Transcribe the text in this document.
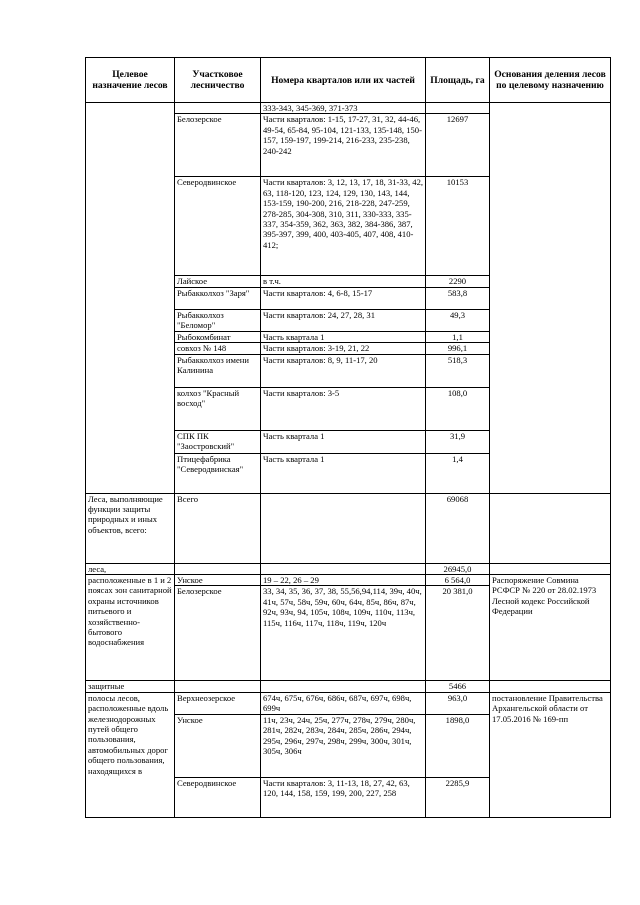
Целевое назначение лесов	Участковое лесничество	Номера кварталов или их частей	Площадь, га	Основания деления лесов по целевому назначению
		333-343, 345-369, 371-373		
	Белозерское	Части кварталов: 1-15, 17-27, 31, 32, 44-46, 49-54, 65-84, 95-104, 121-133, 135-148, 150-157, 159-197, 199-214, 216-233, 235-238, 240-242	12697	
	Северодвинское	Части кварталов: 3, 12, 13, 17, 18, 31-33, 42, 63, 118-120, 123, 124, 129, 130, 143, 144, 153-159, 190-200, 216, 218-228, 247-259, 278-285, 304-308, 310, 311, 330-333, 335-337, 354-359, 362, 363, 382, 384-386, 387, 395-397, 399, 400, 403-405, 407, 408, 410-412;	10153	
	Лайское	в т.ч.	2290	
	Рыбакколхоз "Заря"	Части кварталов: 4, 6-8, 15-17	583,8	
	Рыбакколхоз "Беломор"	Части кварталов: 24, 27, 28, 31	49,3	
	Рыбокомбинат	Часть квартала 1	1,1	
	совхоз № 148	Части кварталов: 3-19, 21, 22	996,1	
	Рыбакколхоз имени Калинина	Части кварталов: 8, 9, 11-17, 20	518,3	
	колхоз "Красный восход"	Части кварталов: 3-5	108,0	
	СПК ПК "Заостровский"	Часть квартала 1	31,9	
	Птицефабрика "Северодвинская"	Часть квартала 1	1,4	
Леса, выполняющие функции защиты природных и иных объектов, всего:	Всего		69068	
леса,			26945,0	
расположенные в 1 и 2 поясах зон санитарной охраны источников питьевого и хозяйственно-бытового водоснабжения	Унское	19 – 22, 26 – 29	6 564,0	Распоряжение Совмина РСФСР № 220 от 28.02.1973 Лесной кодекс Российской Федерации
	Белозерское	33, 34, 35, 36, 37, 38, 55,56,94,114, 39ч, 40ч, 41ч, 57ч, 58ч, 59ч, 60ч, 64ч, 85ч, 86ч, 87ч, 92ч, 93ч, 94, 105ч, 108ч, 109ч, 110ч, 113ч, 115ч, 116ч, 117ч, 118ч, 119ч, 120ч	20 381,0	
защитные			5466	
полосы лесов, расположенные вдоль железнодорожных путей общего пользования, автомобильных дорог общего пользования, находящихся в	Верхнеозерское	674ч, 675ч, 676ч, 686ч, 687ч, 697ч, 698ч, 699ч	963,0	постановление Правительства Архангельской области от 17.05.2016 № 169-пп
	Унское	11ч, 23ч, 24ч, 25ч, 277ч, 278ч, 279ч, 280ч, 281ч, 282ч, 283ч, 284ч, 285ч, 286ч, 294ч, 295ч, 296ч, 297ч, 298ч, 299ч, 300ч, 301ч, 305ч, 306ч	1898,0	
	Северодвинское	Части кварталов: 3, 11-13, 18, 27, 42, 63, 120, 144, 158, 159, 199, 200, 227, 258	2285,9	
